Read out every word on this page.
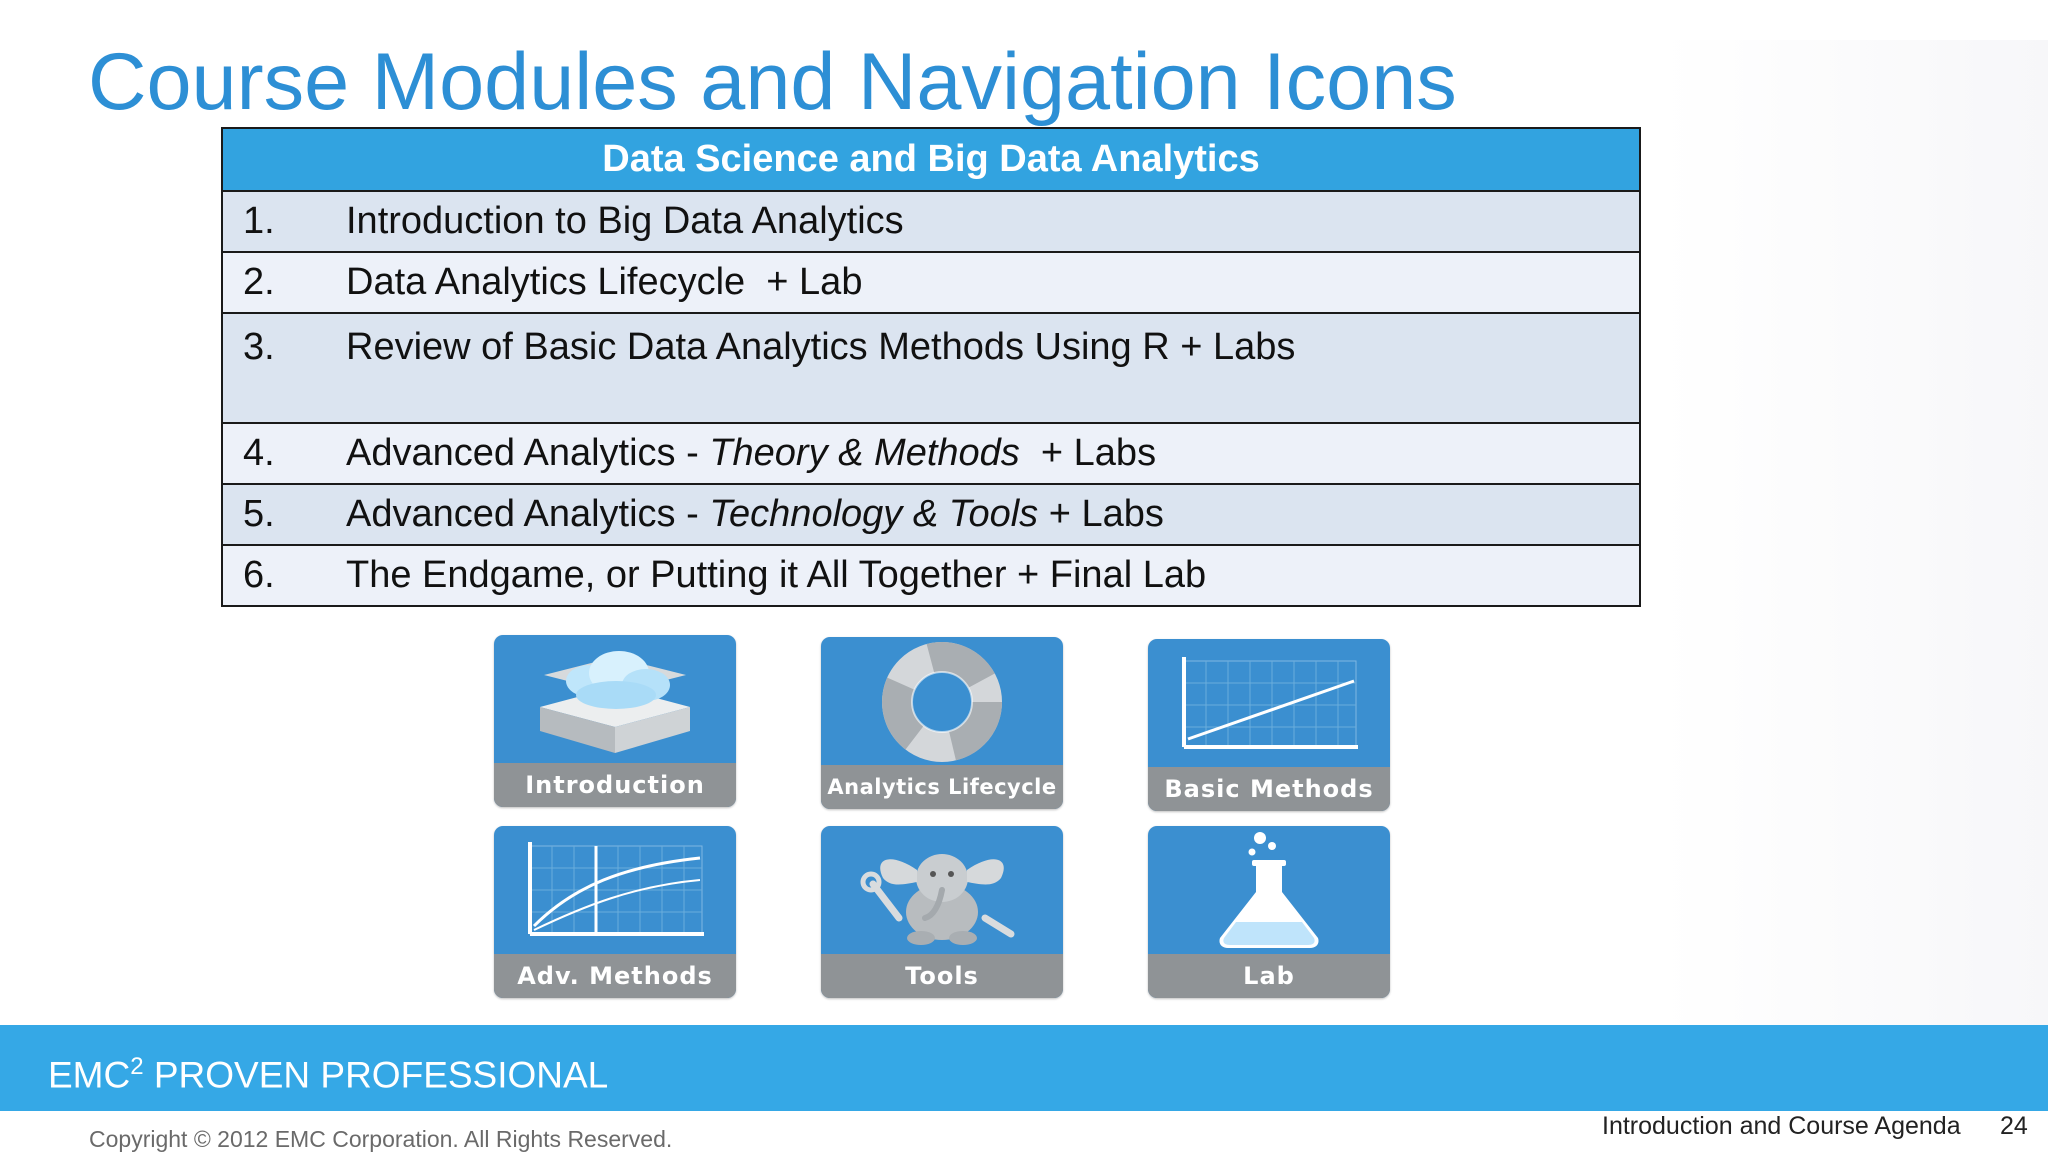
Course Modules and Navigation Icons
Data Science and Big Data Analytics
1. Introduction to Big Data Analytics
2. Data Analytics Lifecycle  + Lab
3. Review of Basic Data Analytics Methods Using R + Labs
4. Advanced Analytics - Theory & Methods  + Labs
5. Advanced Analytics - Technology & Tools + Labs
6. The Endgame, or Putting it All Together + Final Lab
Introduction	Analytics Lifecycle	Basic Methods
Adv. Methods	Tools	Lab
EMC$^2$ PROVEN PROFESSIONAL
Copyright © 2012 EMC Corporation. All Rights Reserved.	Introduction and Course Agenda 24
